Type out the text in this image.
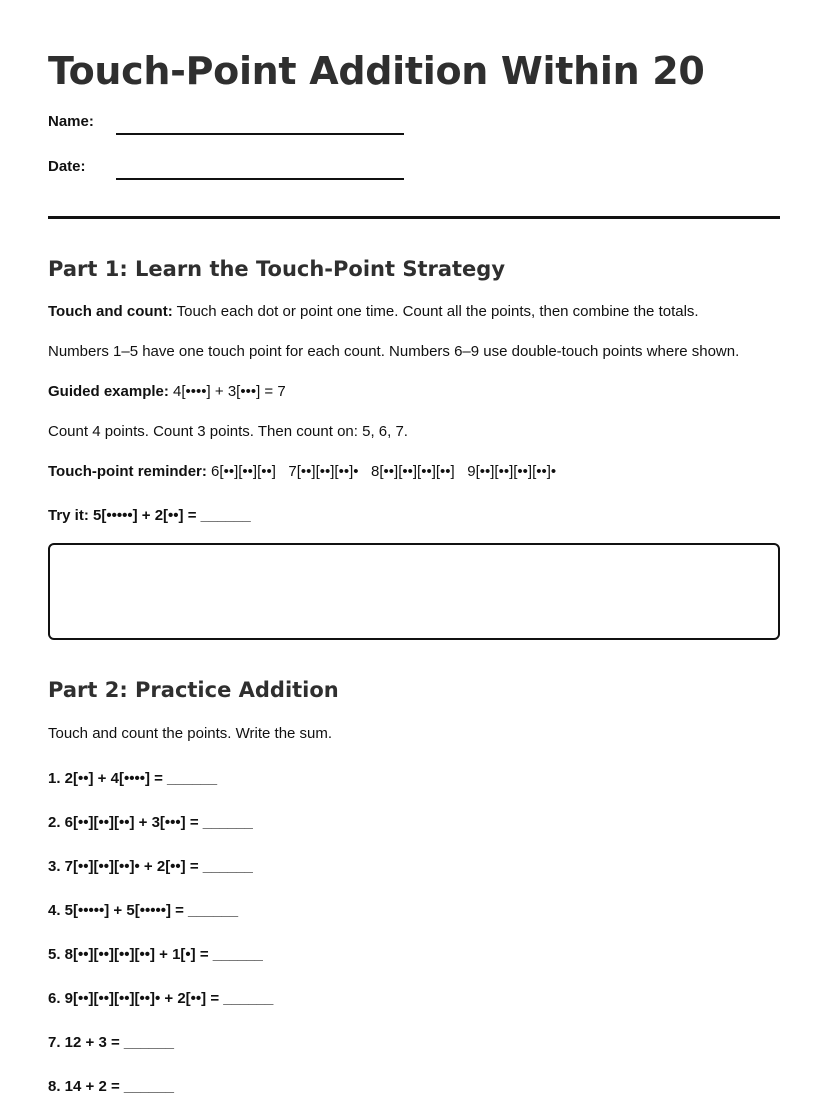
Touch-Point Addition Within 20
Name:
Date:
Part 1: Learn the Touch-Point Strategy

Touch and count: Touch each dot or point one time. Count all the points, then combine the totals.

Numbers 1–5 have one touch point for each count. Numbers 6–9 use double-touch points where shown.

Guided example: 4[••••] + 3[•••] = 7

Count 4 points. Count 3 points. Then count on: 5, 6, 7.

Touch-point reminder: 6[••][••][••]   7[••][••][••]•   8[••][••][••][••]   9[••][••][••][••]•

Try it: 5[•••••] + 2[••] = ______

Part 2: Practice Addition

Touch and count the points. Write the sum.

1. 2[••] + 4[••••] = ______

2. 6[••][••][••] + 3[•••] = ______

3. 7[••][••][••]• + 2[••] = ______

4. 5[•••••] + 5[•••••] = ______

5. 8[••][••][••][••] + 1[•] = ______

6. 9[••][••][••][••]• + 2[••] = ______

7. 12 + 3 = ______

8. 14 + 2 = ______
